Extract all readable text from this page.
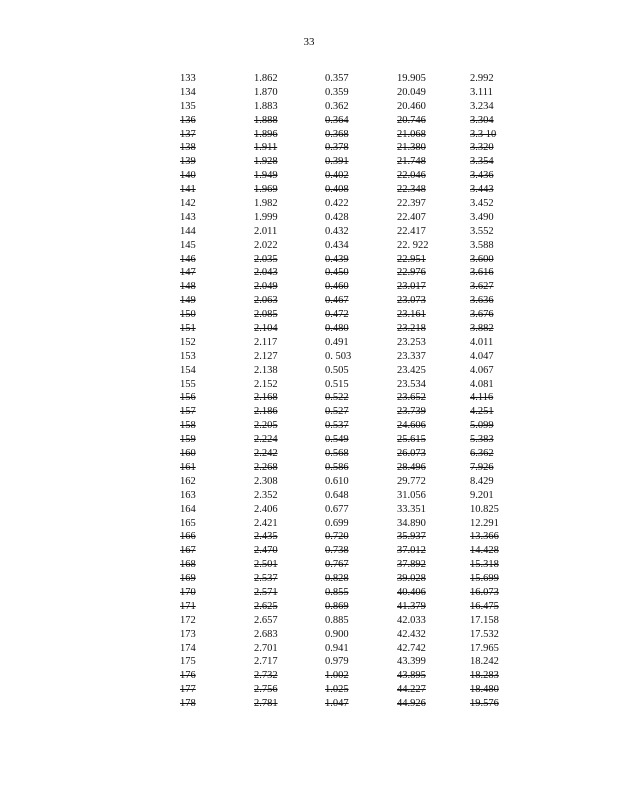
33
133	1.862	0.357	19.905	2.992
134	1.870	0.359	20.049	3.111
135	1.883	0.362	20.460	3.234
136	1.888	0.364	20.746	3.304
137	1.896	0.368	21.068	3.3 10
138	1.911	0.378	21.380	3.320
139	1.928	0.391	21.748	3.354
140	1.949	0.402	22.046	3.436
141	1.969	0.408	22.348	3.443
142	1.982	0.422	22.397	3.452
143	1.999	0.428	22.407	3.490
144	2.011	0.432	22.417	3.552
145	2.022	0.434	22. 922	3.588
146	2.035	0.439	22.951	3.600
147	2.043	0.450	22.976	3.616
148	2.049	0.460	23.017	3.627
149	2.063	0.467	23.073	3.636
150	2.085	0.472	23.161	3.676
151	2.104	0.480	23.218	3.882
152	2.117	0.491	23.253	4.011
153	2.127	0. 503	23.337	4.047
154	2.138	0.505	23.425	4.067
155	2.152	0.515	23.534	4.081
156	2.168	0.522	23.652	4.116
157	2.186	0.527	23.739	4.251
158	2.205	0.537	24.606	5.099
159	2.224	0.549	25.615	5.383
160	2.242	0.568	26.073	6.362
161	2.268	0.586	28.496	7.926
162	2.308	0.610	29.772	8.429
163	2.352	0.648	31.056	9.201
164	2.406	0.677	33.351	10.825
165	2.421	0.699	34.890	12.291
166	2.435	0.720	35.937	13.366
167	2.470	0.738	37.012	14.428
168	2.501	0.767	37.892	15.318
169	2.537	0.828	39.028	15.699
170	2.571	0.855	40.406	16.073
171	2.625	0.869	41.379	16.475
172	2.657	0.885	42.033	17.158
173	2.683	0.900	42.432	17.532
174	2.701	0.941	42.742	17.965
175	2.717	0.979	43.399	18.242
176	2.732	1.002	43.895	18.283
177	2.756	1.025	44.227	18.480
178	2.781	1.047	44.926	19.576
